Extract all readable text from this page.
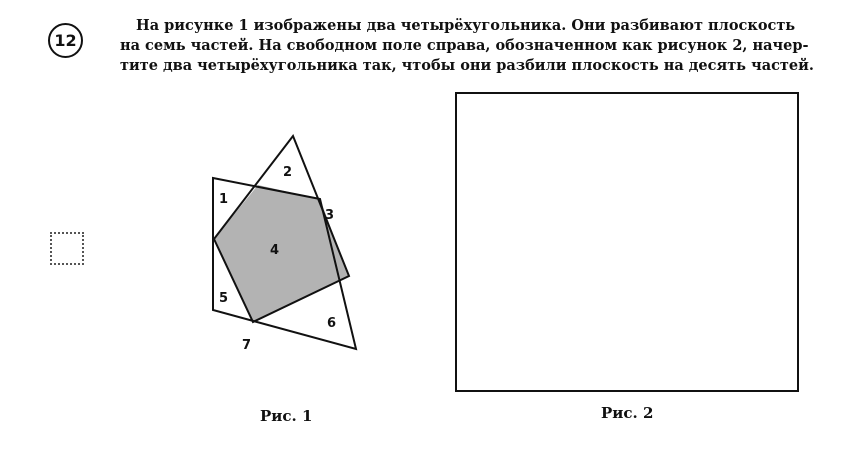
12

На рисунке 1 изображены два четырёхугольника. Они разбивают плоскость
на семь частей. На свободном поле справа, обозначенном как рисунок 2, начер-
тите два четырёхугольника так, чтобы они разбили плоскость на десять частей.

1
2
3
4
5
6
7
Рис. 1	Рис. 2
